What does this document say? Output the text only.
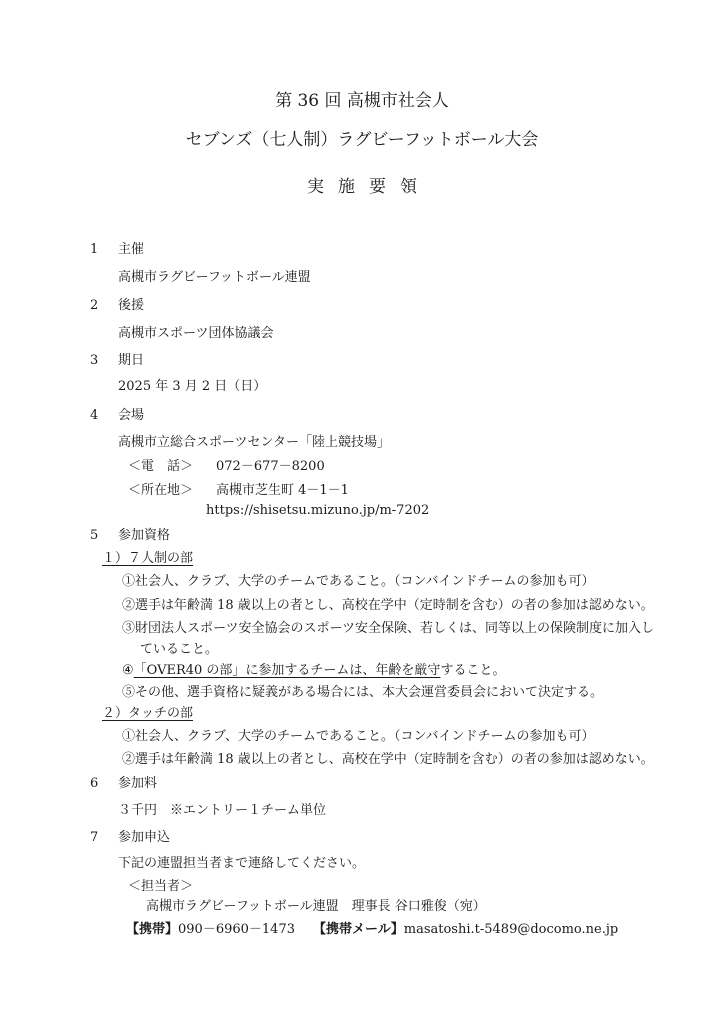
第 36 回 高槻市社会人
セブンズ（七人制）ラグビーフットボール大会
実施要領
1 主催
高槻市ラグビーフットボール連盟
2 後援
高槻市スポーツ団体協議会
3 期日
2025 年 3 月 2 日（日）
4 会場
高槻市立総合スポーツセンター「陸上競技場」
＜電　話＞ 072－677－8200
＜所在地＞ 高槻市芝生町 4－1－1
https://shisetsu.mizuno.jp/m-7202
5 参加資格
１）７人制の部
①社会人、クラブ、大学のチームであること。（コンバインドチームの参加も可）
②選手は年齢満 18 歳以上の者とし、高校在学中（定時制を含む）の者の参加は認めない。
③財団法人スポーツ安全協会のスポーツ安全保険、若しくは、同等以上の保険制度に加入し
ていること。
④「OVER40 の部」に参加するチームは、年齢を厳守すること。
⑤その他、選手資格に疑義がある場合には、本大会運営委員会において決定する。
２）タッチの部
①社会人、クラブ、大学のチームであること。（コンバインドチームの参加も可）
②選手は年齢満 18 歳以上の者とし、高校在学中（定時制を含む）の者の参加は認めない。
6 参加料
３千円　※エントリー１チーム単位
7 参加申込
下記の連盟担当者まで連絡してください。
＜担当者＞
高槻市ラグビーフットボール連盟　理事長 谷口雅俊（宛）
【携帯】090－6960－1473 【携帯メール】masatoshi.t-5489@docomo.ne.jp
